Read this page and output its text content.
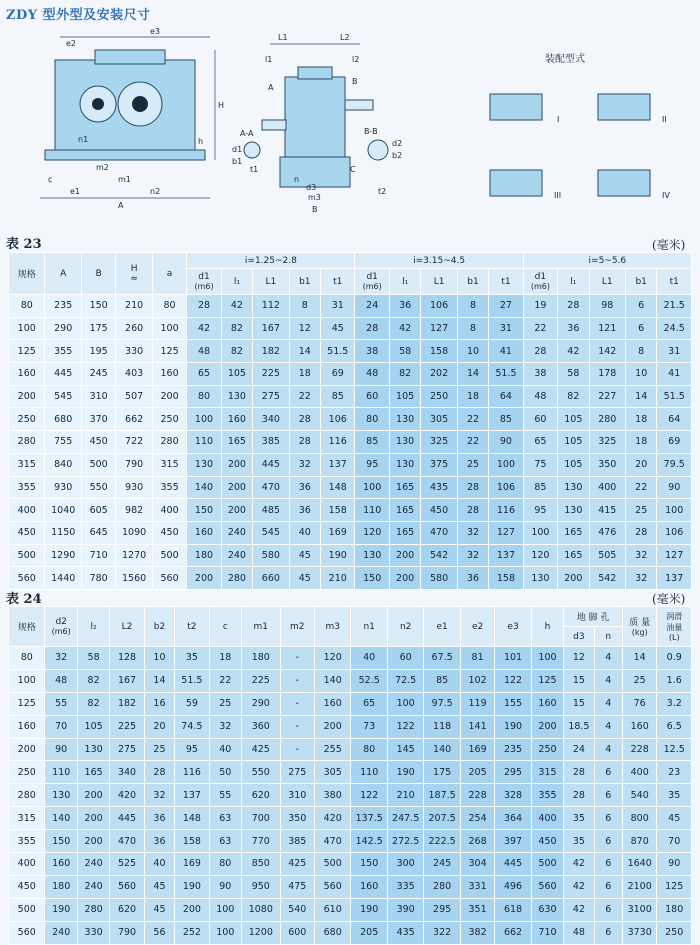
ZDY 型外型及安装尺寸
e2
e3
H
h
n1
m2
m1
n2
e1
c
A
L1	L2
l1	l2
A-A	B-B
d1
b1
t1
d2
b2
t2
C
n
d3
m3
B
A
B
装配型式
I	II
III	IV
表 23	(毫米)
规格	A	B	H
≈	a	i=1.25~2.8					i=3.15~4.5					i=5~5.6				
					d1
(m6)	l₁	L1	b1	t1	d1
(m6)	l₁	L1	b1	t1	d1
(m6)	l₁	L1	b1	t1
80	235	150	210	80	28	42	112	8	31	24	36	106	8	27	19	28	98	6	21.5
100	290	175	260	100	42	82	167	12	45	28	42	127	8	31	22	36	121	6	24.5
125	355	195	330	125	48	82	182	14	51.5	38	58	158	10	41	28	42	142	8	31
160	445	245	403	160	65	105	225	18	69	48	82	202	14	51.5	38	58	178	10	41
200	545	310	507	200	80	130	275	22	85	60	105	250	18	64	48	82	227	14	51.5
250	680	370	662	250	100	160	340	28	106	80	130	305	22	85	60	105	280	18	64
280	755	450	722	280	110	165	385	28	116	85	130	325	22	90	65	105	325	18	69
315	840	500	790	315	130	200	445	32	137	95	130	375	25	100	75	105	350	20	79.5
355	930	550	930	355	140	200	470	36	148	100	165	435	28	106	85	130	400	22	90
400	1040	605	982	400	150	200	485	36	158	110	165	450	28	116	95	130	415	25	100
450	1150	645	1090	450	160	240	545	40	169	120	165	470	32	127	100	165	476	28	106
500	1290	710	1270	500	180	240	580	45	190	130	200	542	32	137	120	165	505	32	127
560	1440	780	1560	560	200	280	660	45	210	150	200	580	36	158	130	200	542	32	137
表 24	(毫米)
规格	d2
(m6)	l₂	L2	b2	t2	c	m1	m2	m3	n1	n2	e1	e2	e3	h	地 脚 孔		质 量
(kg)	润滑
油量
(L)
																d3	n		
80	32	58	128	10	35	18	180	-	120	40	60	67.5	81	101	100	12	4	14	0.9
100	48	82	167	14	51.5	22	225	-	140	52.5	72.5	85	102	122	125	15	4	25	1.6
125	55	82	182	16	59	25	290	-	160	65	100	97.5	119	155	160	15	4	76	3.2
160	70	105	225	20	74.5	32	360	-	200	73	122	118	141	190	200	18.5	4	160	6.5
200	90	130	275	25	95	40	425	-	255	80	145	140	169	235	250	24	4	228	12.5
250	110	165	340	28	116	50	550	275	305	110	190	175	205	295	315	28	6	400	23
280	130	200	420	32	137	55	620	310	380	122	210	187.5	228	328	355	28	6	540	35
315	140	200	445	36	148	63	700	350	420	137.5	247.5	207.5	254	364	400	35	6	800	45
355	150	200	470	36	158	63	770	385	470	142.5	272.5	222.5	268	397	450	35	6	870	70
400	160	240	525	40	169	80	850	425	500	150	300	245	304	445	500	42	6	1640	90
450	180	240	560	45	190	90	950	475	560	160	335	280	331	496	560	42	6	2100	125
500	190	280	620	45	200	100	1080	540	610	190	390	295	351	618	630	42	6	3100	180
560	240	330	790	56	252	100	1200	600	680	205	435	322	382	662	710	48	6	3730	250
